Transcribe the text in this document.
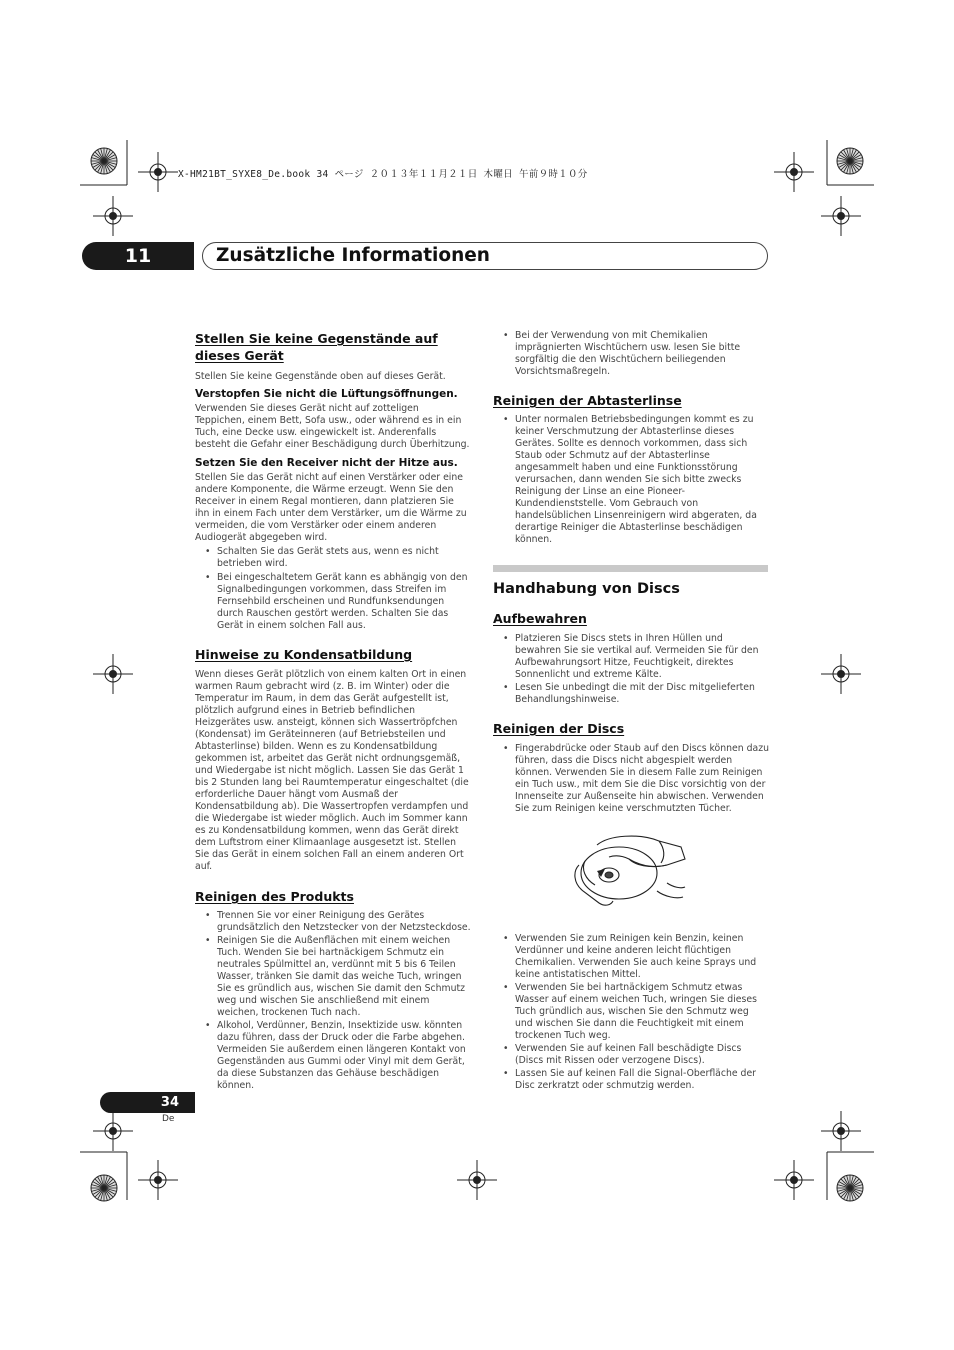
X-HM21BT_SYXE8_De.book 34 ページ ２０１３年１１月２１日 木曜日 午前９時１０分
11	Zusätzliche Informationen
Stellen Sie keine Gegenstände auf dieses Gerät

Stellen Sie keine Gegenstände oben auf dieses Gerät.

Verstopfen Sie nicht die Lüftungsöffnungen.

Verwenden Sie dieses Gerät nicht auf zotteligen Teppichen, einem Bett, Sofa usw., oder während es in ein Tuch, eine Decke usw. eingewickelt ist. Anderenfalls besteht die Gefahr einer Beschädigung durch Überhitzung.

Setzen Sie den Receiver nicht der Hitze aus.

Stellen Sie das Gerät nicht auf einen Verstärker oder eine andere Komponente, die Wärme erzeugt. Wenn Sie den Receiver in einem Regal montieren, dann platzieren Sie ihn in einem Fach unter dem Verstärker, um die Wärme zu vermeiden, die vom Verstärker oder einem anderen Audiogerät abgegeben wird.

• Schalten Sie das Gerät stets aus, wenn es nicht betrieben wird.
• Bei eingeschaltetem Gerät kann es abhängig von den Signalbedingungen vorkommen, dass Streifen im Fernsehbild erscheinen und Rundfunksendungen durch Rauschen gestört werden. Schalten Sie das Gerät in einem solchen Fall aus.
Hinweise zu Kondensatbildung

Wenn dieses Gerät plötzlich von einem kalten Ort in einen warmen Raum gebracht wird (z. B. im Winter) oder die Temperatur im Raum, in dem das Gerät aufgestellt ist, plötzlich aufgrund eines in Betrieb befindlichen Heizgerätes usw. ansteigt, können sich Wassertröpfchen (Kondensat) im Geräteinneren (auf Betriebsteilen und Abtasterlinse) bilden. Wenn es zu Kondensatbildung gekommen ist, arbeitet das Gerät nicht ordnungsgemäß, und Wiedergabe ist nicht möglich. Lassen Sie das Gerät 1 bis 2 Stunden lang bei Raumtemperatur eingeschaltet (die erforderliche Dauer hängt vom Ausmaß der Kondensatbildung ab). Die Wassertropfen verdampfen und die Wiedergabe ist wieder möglich. Auch im Sommer kann es zu Kondensatbildung kommen, wenn das Gerät direkt dem Luftstrom einer Klimaanlage ausgesetzt ist. Stellen Sie das Gerät in einem solchen Fall an einem anderen Ort auf.

Reinigen des Produkts
• Trennen Sie vor einer Reinigung des Gerätes grundsätzlich den Netzstecker von der Netzsteckdose.
• Reinigen Sie die Außenflächen mit einem weichen Tuch. Wenden Sie bei hartnäckigem Schmutz ein neutrales Spülmittel an, verdünnt mit 5 bis 6 Teilen Wasser, tränken Sie damit das weiche Tuch, wringen Sie es gründlich aus, wischen Sie damit den Schmutz weg und wischen Sie anschließend mit einem weichen, trockenen Tuch nach.
• Alkohol, Verdünner, Benzin, Insektizide usw. könnten dazu führen, dass der Druck oder die Farbe abgehen. Vermeiden Sie außerdem einen längeren Kontakt von Gegenständen aus Gummi oder Vinyl mit dem Gerät, da diese Substanzen das Gehäuse beschädigen können.
• Bei der Verwendung von mit Chemikalien imprägnierten Wischtüchern usw. lesen Sie bitte sorgfältig die den Wischtüchern beiliegenden Vorsichtsmaßregeln.
Reinigen der Abtasterlinse
• Unter normalen Betriebsbedingungen kommt es zu keiner Verschmutzung der Abtasterlinse dieses Gerätes. Sollte es dennoch vorkommen, dass sich Staub oder Schmutz auf der Abtasterlinse angesammelt haben und eine Funktionsstörung verursachen, dann wenden Sie sich bitte zwecks Reinigung der Linse an eine Pioneer-Kundendienststelle. Vom Gebrauch von handelsüblichen Linsenreinigern wird abgeraten, da derartige Reiniger die Abtasterlinse beschädigen können.
Handhabung von Discs
Aufbewahren
• Platzieren Sie Discs stets in Ihren Hüllen und bewahren Sie sie vertikal auf. Vermeiden Sie für den Aufbewahrungsort Hitze, Feuchtigkeit, direktes Sonnenlicht und extreme Kälte.
• Lesen Sie unbedingt die mit der Disc mitgelieferten Behandlungshinweise.
Reinigen der Discs
• Fingerabdrücke oder Staub auf den Discs können dazu führen, dass die Discs nicht abgespielt werden können. Verwenden Sie in diesem Falle zum Reinigen ein Tuch usw., mit dem Sie die Disc vorsichtig von der Innenseite zur Außenseite hin abwischen. Verwenden Sie zum Reinigen keine verschmutzten Tücher.
• Verwenden Sie zum Reinigen kein Benzin, keinen Verdünner und keine anderen leicht flüchtigen Chemikalien. Verwenden Sie auch keine Sprays und keine antistatischen Mittel.
• Verwenden Sie bei hartnäckigem Schmutz etwas Wasser auf einem weichen Tuch, wringen Sie dieses Tuch gründlich aus, wischen Sie den Schmutz weg und wischen Sie dann die Feuchtigkeit mit einem trockenen Tuch weg.
• Verwenden Sie auf keinen Fall beschädigte Discs (Discs mit Rissen oder verzogene Discs).
• Lassen Sie auf keinen Fall die Signal-Oberfläche der Disc zerkratzt oder schmutzig werden.
34
De
